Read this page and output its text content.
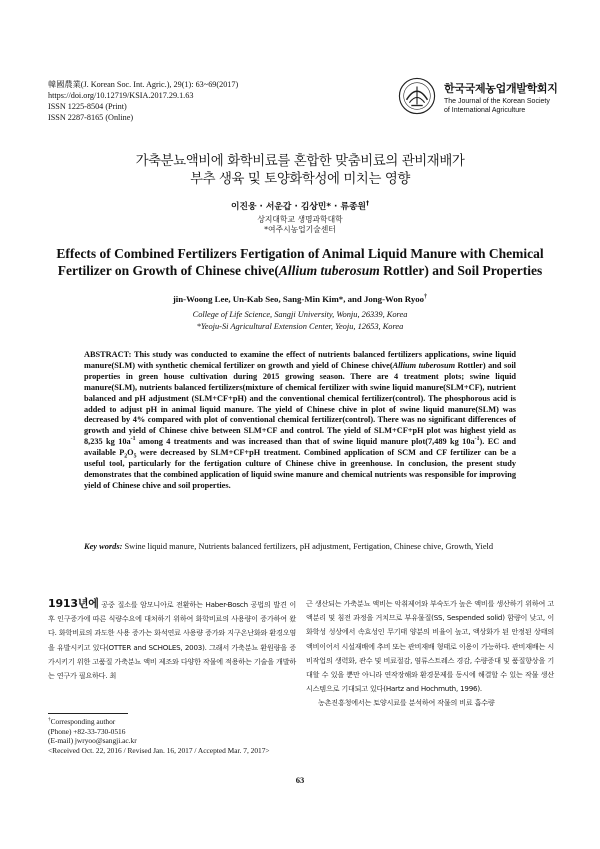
韓國農業(J. Korean Soc. Int. Agric.), 29(1): 63~69(2017)
https://doi.org/10.12719/KSIA.2017.29.1.63
ISSN 1225-8504 (Print)
ISSN 2287-8165 (Online)
한국국제농업개발학회지
The Journal of the Korean Society
of International Agriculture
가축분뇨액비에 화학비료를 혼합한 맞춤비료의 관비재배가
부추 생육 및 토양화학성에 미치는 영향
이진웅 · 서운갑 · 김상민* · 류종원†
상지대학교 생명과학대학
*여주시농업기술센터
Effects of Combined Fertilizers Fertigation of Animal Liquid Manure with Chemical
Fertilizer on Growth of Chinese chive(Allium tuberosum Rottler) and Soil Properties
jin-Woong Lee, Un-Kab Seo, Sang-Min Kim*, and Jong-Won Ryoo†
College of Life Science, Sangji University, Wonju, 26339, Korea
*Yeoju-Si Agricultural Extension Center, Yeoju, 12653, Korea
ABSTRACT: This study was conducted to examine the effect of nutrients balanced fertilizers applications, swine liquid manure(SLM) with synthetic chemical fertilizer on growth and yield of Chinese chive(Allium tuberosum Rottler) and soil properties in green house cultivation during 2015 growing season. There are 4 treatment plots; swine liquid manure(SLM), nutrients balanced fertilizers(mixture of chemical fertilizer with swine liquid manure(SLM+CF), nutrient balanced and pH adjustment (SLM+CF+pH) and the conventional chemical fertilizer(control). The phosphorous acid is added to adjust pH in animal liquid manure. The yield of Chinese chive in plot of swine liquid manure(SLM) was decreased by 4% compared with plot of conventional chemical fertilizer(control). There was no significant differences of growth and yield of Chinese chive between SLM+CF and control. The yield of SLM+CF+pH plot was highest yield as 8,235 kg $10a^{-1}$ among 4 treatments and was increased than that of swine liquid manure plot(7,489 kg $10a^{-1}$). EC and available $P_2O_5$ were decreased by SLM+CF+pH treatment. Combined application of SCM and CF fertilizer can be a useful tool, particularly for the fertigation culture of Chinese chive in greenhouse. In conclusion, the present study demonstrates that the combined application of liquid swine manure and chemical nutrients was responsible for improving yield of Chinese chive and soil properties.
Key words: Swine liquid manure, Nutrients balanced fertilizers, pH adjustment, Fertigation, Chinese chive, Growth, Yield
1913년에 공중 질소를 암모니아로 전환하는 Haber-Bosch 공법의 발견 이후 인구증가에 따른 식량수요에 대처하기 위하여 화학비료의 사용량이 증가하여 왔다. 화학비료의 과도한 사용 증가는 화석연료 사용량 증가와 지구온난화와 환경오염을 유발시키고 있다(OTTER and SCHOLES, 2003). 그래서 가축분뇨 환원량을 증가시키기 위한 고품질 가축분뇨 액비 제조와 다양한 작물에 적용하는 기술을 개발하는 연구가 필요하다. 최
근 생산되는 가축분뇨 액비는 악취제어와 부숙도가 높은 액비를 생산하기 위하여 고액분리 및 침전 과정을 거치므로 부유물질(SS, Sespended solid) 함량이 낮고, 이화학성 성상에서 속효성인 무기태 양분의 비율이 높고, 액상화가 된 안정된 상태의 액비이어서 시설재배에 추비 또는 관비재배 형태로 이용이 가능하다. 관비재배는 시비작업의 생력화, 관수 및 비료절감, 염류스트레스 경감, 수량증대 및 품질향상을 기대할 수 있을 뿐만 아니라 연작장해와 환경문제를 동시에 해결할 수 있는 작물 생산 시스템으로 기대되고 있다(Hartz and Hochmuth, 1996).
농촌진흥청에서는 토양시료를 분석하여 작물의 비료 흡수량
†Corresponding author
(Phone) +82-33-730-0516
(E-mail) jwryoo@sangji.ac.kr
<Received Oct. 22, 2016 / Revised Jan. 16, 2017 / Accepted Mar. 7, 2017>
63
